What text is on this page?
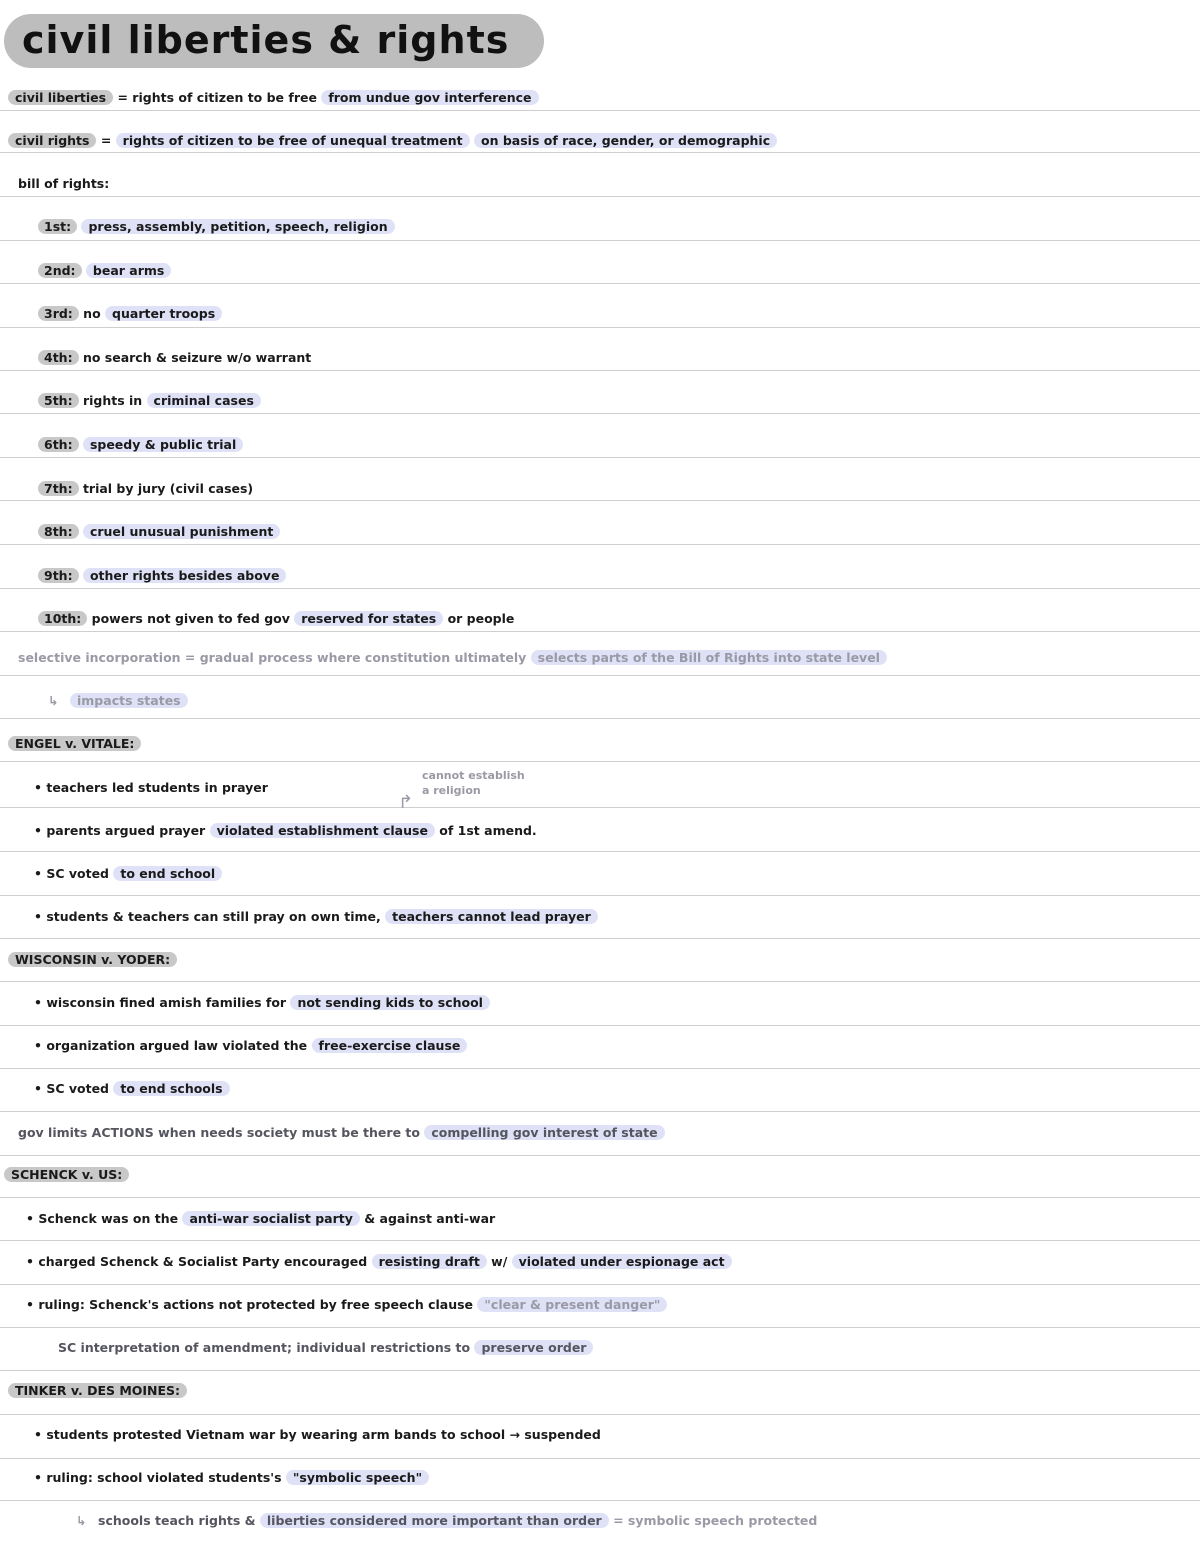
civil liberties & rights
civil liberties = rights of citizen to be free from undue gov interference
civil rights = rights of citizen to be free of unequal treatment on basis of race, gender, or demographic
bill of rights:
1st: press, assembly, petition, speech, religion
2nd: bear arms
3rd: no quarter troops
4th: no search & seizure w/o warrant
5th: rights in criminal cases
6th: speedy & public trial
7th: trial by jury (civil cases)
8th: cruel unusual punishment
9th: other rights besides above
10th: powers not given to fed gov reserved for states or people
selective incorporation = gradual process where constitution ultimately selects parts of the Bill of Rights into state level
↳ impacts states
ENGEL v. VITALE:
cannot establish
a religion
↱
• teachers led students in prayer
• parents argued prayer violated establishment clause of 1st amend.
• SC voted to end school
• students & teachers can still pray on own time, teachers cannot lead prayer
WISCONSIN v. YODER:
• wisconsin fined amish families for not sending kids to school
• organization argued law violated the free-exercise clause
• SC voted to end schools
gov limits ACTIONS when needs society must be there to compelling gov interest of state
SCHENCK v. US:
• Schenck was on the anti-war socialist party & against anti-war
• charged Schenck & Socialist Party encouraged resisting draft w/ violated under espionage act
• ruling: Schenck's actions not protected by free speech clause "clear & present danger"
SC interpretation of amendment; individual restrictions to preserve order
TINKER v. DES MOINES:
• students protested Vietnam war by wearing arm bands to school → suspended
• ruling: school violated students's "symbolic speech"
↳ schools teach rights & liberties considered more important than order = symbolic speech protected
